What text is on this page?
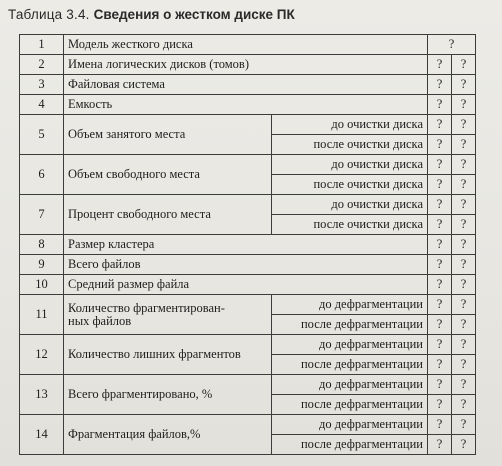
Таблица 3.4. Сведения о жестком диске ПК
1	Модель жесткого диска		?	
2	Имена логических дисков (томов)		?	?
3	Файловая система		?	?
4	Емкость		?	?
5	Объем занятого места	до очистки диска	?	?
		после очистки диска	?	?
6	Объем свободного места	до очистки диска	?	?
		после очистки диска	?	?
7	Процент свободного места	до очистки диска	?	?
		после очистки диска	?	?
8	Размер кластера		?	?
9	Всего файлов		?	?
10	Средний размер файла		?	?
11	Количество фрагментирован-
ных файлов	до дефрагментации	?	?
		после дефрагментации	?	?
12	Количество лишних фрагментов	до дефрагментации	?	?
		после дефрагментации	?	?
13	Всего фрагментировано, %	до дефрагментации	?	?
		после дефрагментации	?	?
14	Фрагментация файлов,%	до дефрагментации	?	?
		после дефрагментации	?	?
